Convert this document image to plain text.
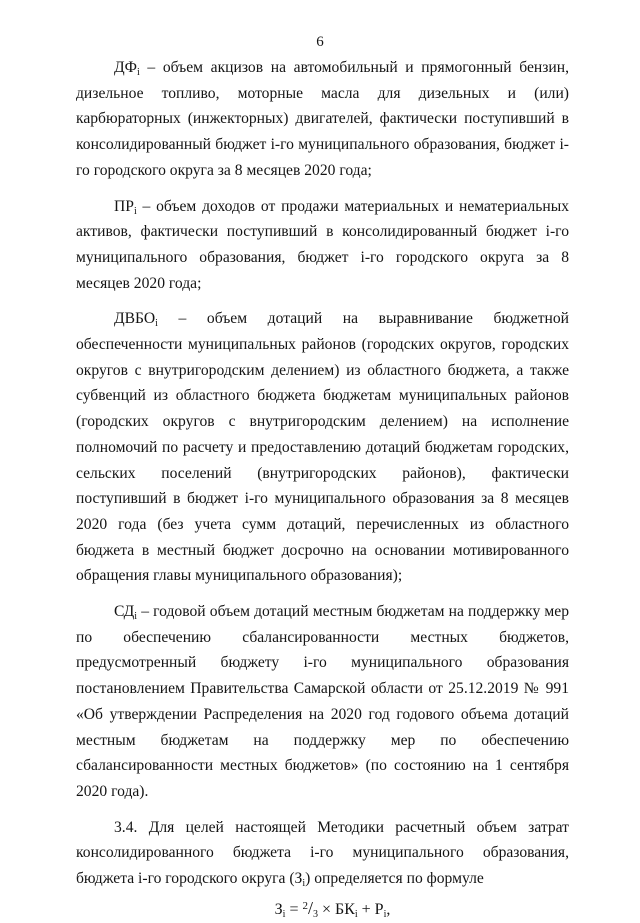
6

$ДФ_i$ – объем акцизов на автомобильный и прямогонный бензин, дизельное топливо, моторные масла для дизельных и (или) карбюраторных (инжекторных) двигателей, фактически поступивший в консолидированный бюджет i-го муниципального образования, бюджет i-го городского округа за 8 месяцев 2020 года;

$ПР_i$ – объем доходов от продажи материальных и нематериальных активов, фактически поступивший в консолидированный бюджет i-го муниципального образования, бюджет i-го городского округа за 8 месяцев 2020 года;

$ДВБО_i$ – объем дотаций на выравнивание бюджетной обеспеченности муниципальных районов (городских округов, городских округов с внутригородским делением) из областного бюджета, а также субвенций из областного бюджета бюджетам муниципальных районов (городских округов с внутригородским делением) на исполнение полномочий по расчету и предоставлению дотаций бюджетам городских, сельских поселений (внутригородских районов), фактически поступивший в бюджет i-го муниципального образования за 8 месяцев 2020 года (без учета сумм дотаций, перечисленных из областного бюджета в местный бюджет досрочно на основании мотивированного обращения главы муниципального образования);

$СД_i$ – годовой объем дотаций местным бюджетам на поддержку мер по обеспечению сбалансированности местных бюджетов, предусмотренный бюджету i-го муниципального образования постановлением Правительства Самарской области от 25.12.2019 № 991 «Об утверждении Распределения на 2020 год годового объема дотаций местным бюджетам на поддержку мер по обеспечению сбалансированности местных бюджетов» (по состоянию на 1 сентября 2020 года).

3.4. Для целей настоящей Методики расчетный объем затрат консолидированного бюджета i-го муниципального образования, бюджета i-го городского округа $(З_i)$ определяется по формуле

$З_i = ^2/_3 \times БК_i + Р_i$,
